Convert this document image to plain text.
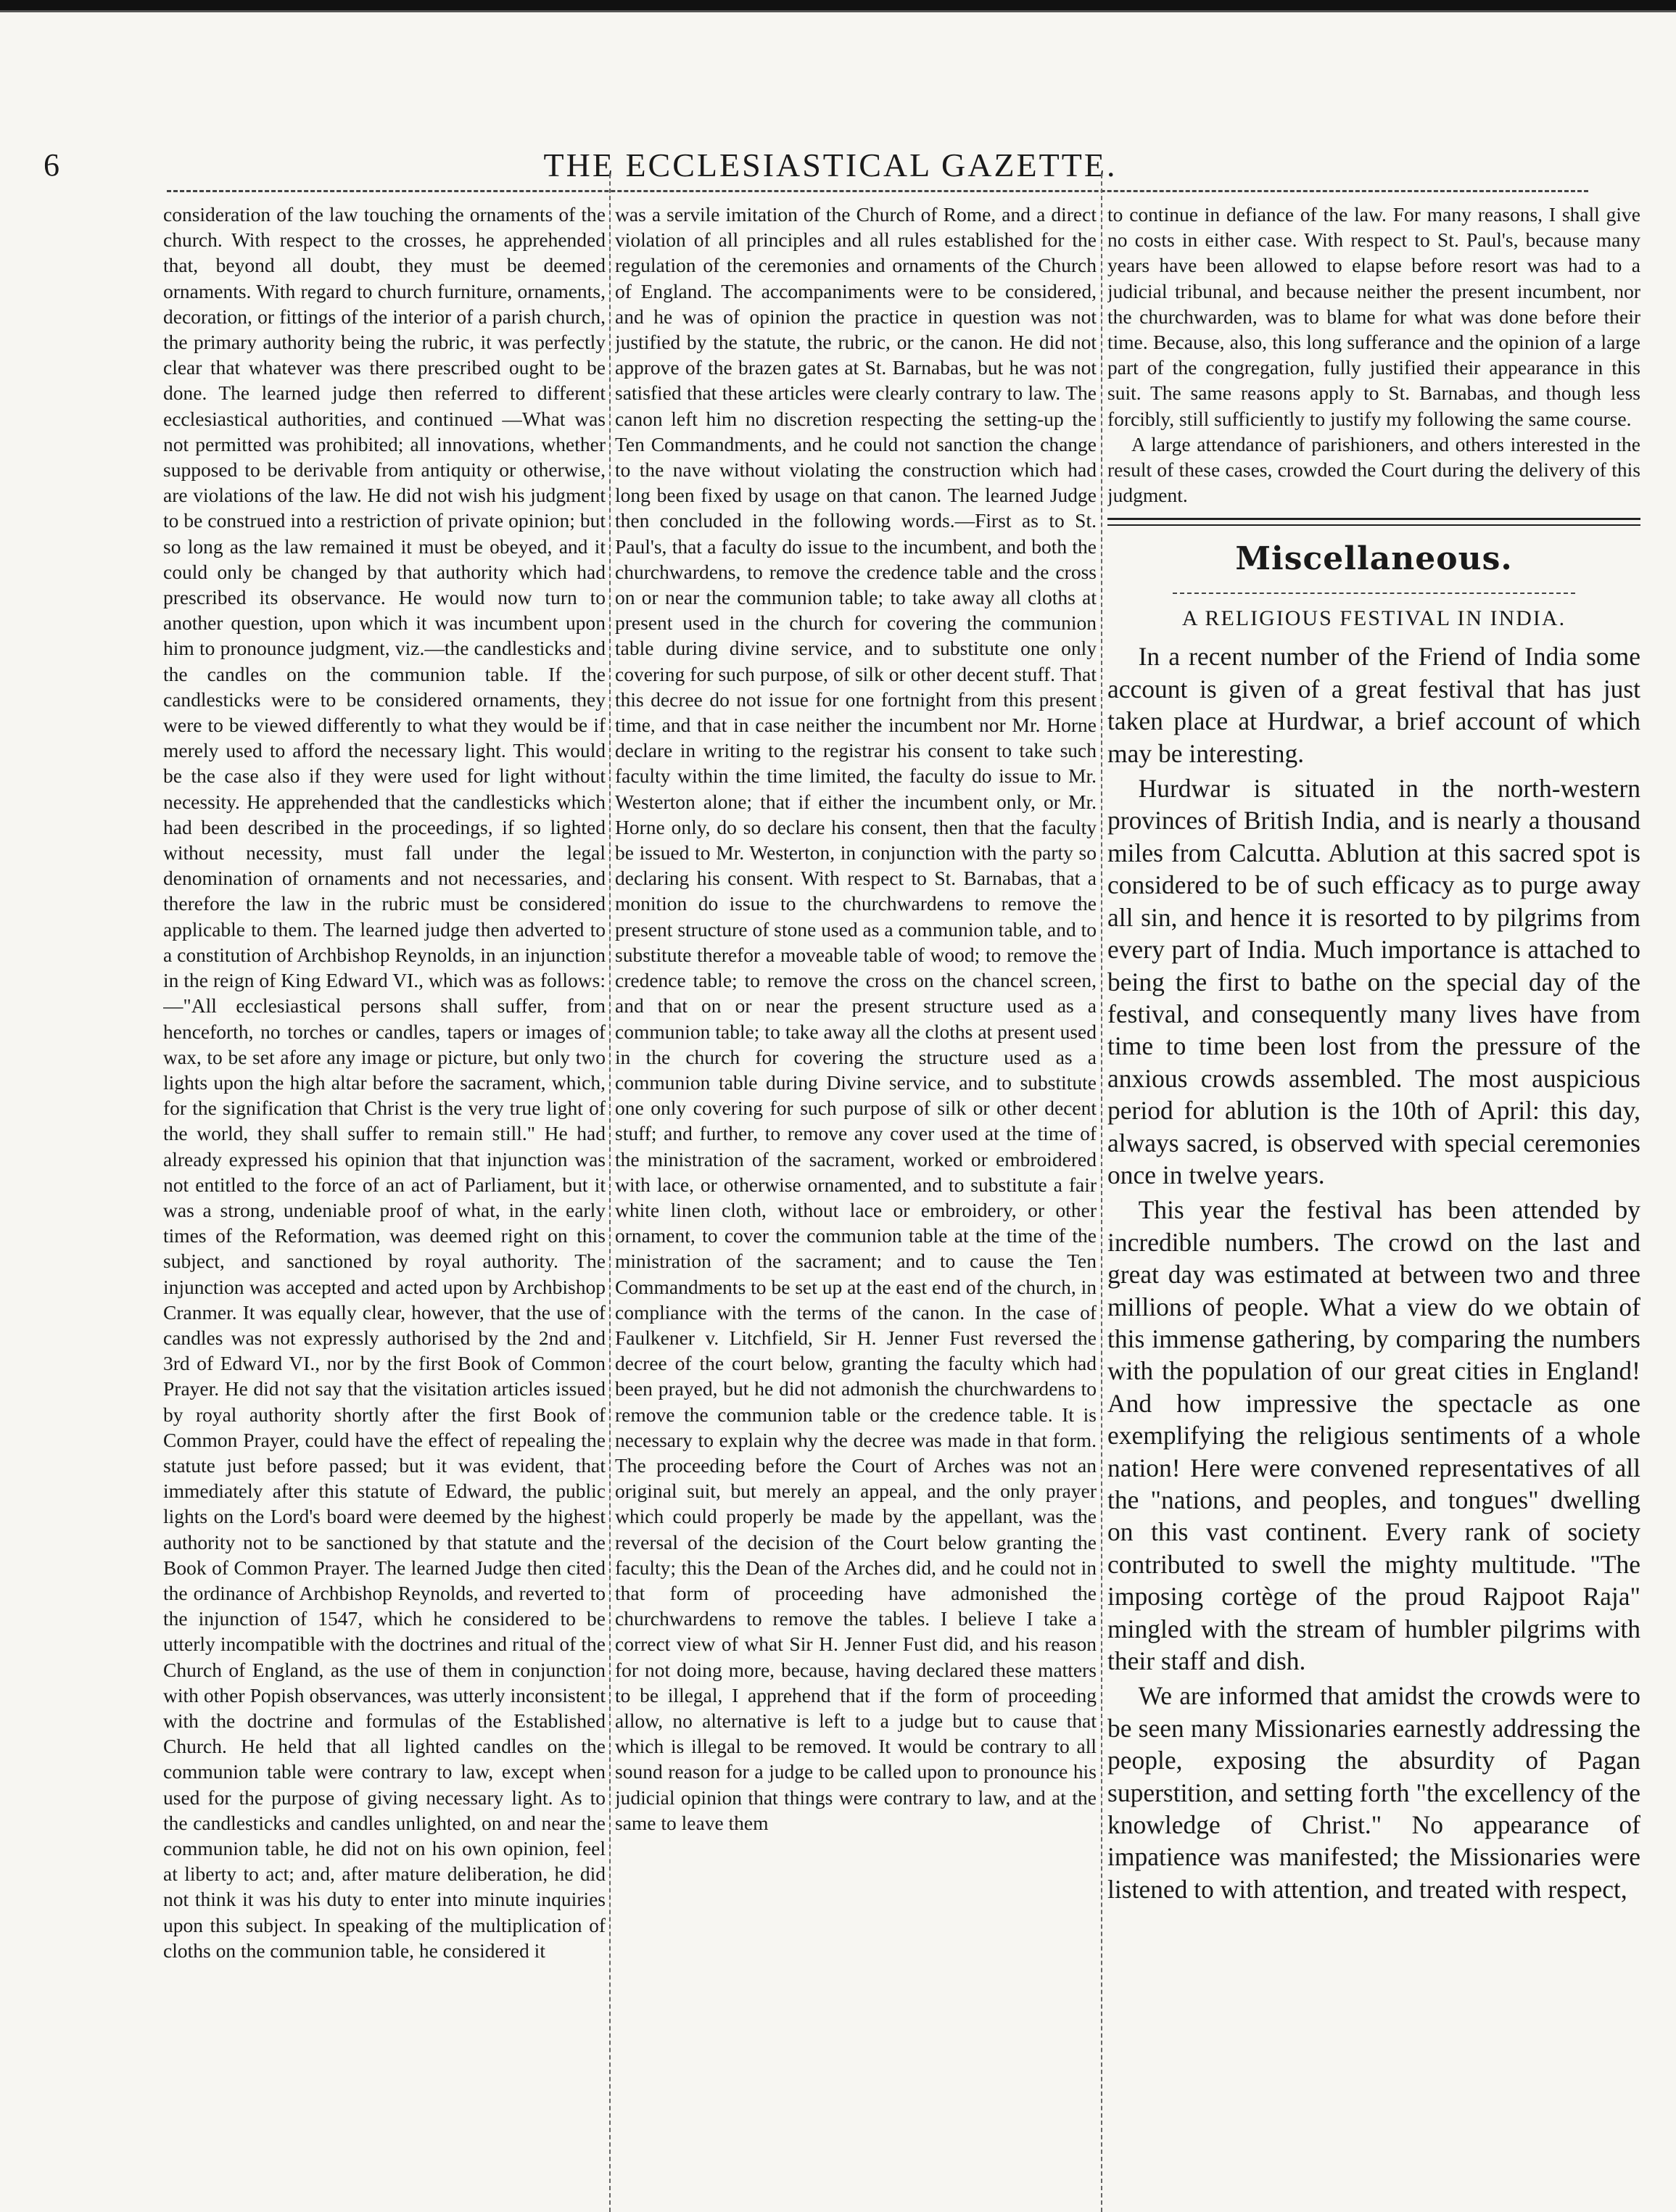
6	THE ECCLESIASTICAL GAZETTE.

consideration of the law touching the ornaments of the church. With respect to the crosses, he apprehended that, beyond all doubt, they must be deemed ornaments. With regard to church furniture, ornaments, decoration, or fittings of the interior of a parish church, the primary authority being the rubric, it was perfectly clear that whatever was there prescribed ought to be done. The learned judge then referred to different ecclesiastical authorities, and continued —What was not permitted was prohibited; all innovations, whether supposed to be derivable from antiquity or otherwise, are violations of the law. He did not wish his judgment to be construed into a restriction of private opinion; but so long as the law remained it must be obeyed, and it could only be changed by that authority which had prescribed its observance. He would now turn to another question, upon which it was incumbent upon him to pronounce judgment, viz.—the candlesticks and the candles on the communion table. If the candlesticks were to be considered ornaments, they were to be viewed differently to what they would be if merely used to afford the necessary light. This would be the case also if they were used for light without necessity. He apprehended that the candlesticks which had been described in the proceedings, if so lighted without necessity, must fall under the legal denomination of ornaments and not necessaries, and therefore the law in the rubric must be considered applicable to them. The learned judge then adverted to a constitution of Archbishop Reynolds, in an injunction in the reign of King Edward VI., which was as follows:—"All ecclesiastical persons shall suffer, from henceforth, no torches or candles, tapers or images of wax, to be set afore any image or picture, but only two lights upon the high altar before the sacrament, which, for the signification that Christ is the very true light of the world, they shall suffer to remain still." He had already expressed his opinion that that injunction was not entitled to the force of an act of Parliament, but it was a strong, undeniable proof of what, in the early times of the Reformation, was deemed right on this subject, and sanctioned by royal authority. The injunction was accepted and acted upon by Archbishop Cranmer. It was equally clear, however, that the use of candles was not expressly authorised by the 2nd and 3rd of Edward VI., nor by the first Book of Common Prayer. He did not say that the visitation articles issued by royal authority shortly after the first Book of Common Prayer, could have the effect of repealing the statute just before passed; but it was evident, that immediately after this statute of Edward, the public lights on the Lord's board were deemed by the highest authority not to be sanctioned by that statute and the Book of Common Prayer. The learned Judge then cited the ordinance of Archbishop Reynolds, and reverted to the injunction of 1547, which he considered to be utterly incompatible with the doctrines and ritual of the Church of England, as the use of them in conjunction with other Popish observances, was utterly inconsistent with the doctrine and formulas of the Established Church. He held that all lighted candles on the communion table were contrary to law, except when used for the purpose of giving necessary light. As to the candlesticks and candles unlighted, on and near the communion table, he did not on his own opinion, feel at liberty to act; and, after mature deliberation, he did not think it was his duty to enter into minute inquiries upon this subject. In speaking of the multiplication of cloths on the communion table, he considered it

was a servile imitation of the Church of Rome, and a direct violation of all principles and all rules established for the regulation of the ceremonies and ornaments of the Church of England. The accompaniments were to be considered, and he was of opinion the practice in question was not justified by the statute, the rubric, or the canon. He did not approve of the brazen gates at St. Barnabas, but he was not satisfied that these articles were clearly contrary to law. The canon left him no discretion respecting the setting-up the Ten Commandments, and he could not sanction the change to the nave without violating the construction which had long been fixed by usage on that canon. The learned Judge then concluded in the following words.—First as to St. Paul's, that a faculty do issue to the incumbent, and both the churchwardens, to remove the credence table and the cross on or near the communion table; to take away all cloths at present used in the church for covering the communion table during divine service, and to substitute one only covering for such purpose, of silk or other decent stuff. That this decree do not issue for one fortnight from this present time, and that in case neither the incumbent nor Mr. Horne declare in writing to the registrar his consent to take such faculty within the time limited, the faculty do issue to Mr. Westerton alone; that if either the incumbent only, or Mr. Horne only, do so declare his consent, then that the faculty be issued to Mr. Westerton, in conjunction with the party so declaring his consent. With respect to St. Barnabas, that a monition do issue to the churchwardens to remove the present structure of stone used as a communion table, and to substitute therefor a moveable table of wood; to remove the credence table; to remove the cross on the chancel screen, and that on or near the present structure used as a communion table; to take away all the cloths at present used in the church for covering the structure used as a communion table during Divine service, and to substitute one only covering for such purpose of silk or other decent stuff; and further, to remove any cover used at the time of the ministration of the sacrament, worked or embroidered with lace, or otherwise ornamented, and to substitute a fair white linen cloth, without lace or embroidery, or other ornament, to cover the communion table at the time of the ministration of the sacrament; and to cause the Ten Commandments to be set up at the east end of the church, in compliance with the terms of the canon. In the case of Faulkener v. Litchfield, Sir H. Jenner Fust reversed the decree of the court below, granting the faculty which had been prayed, but he did not admonish the churchwardens to remove the communion table or the credence table. It is necessary to explain why the decree was made in that form. The proceeding before the Court of Arches was not an original suit, but merely an appeal, and the only prayer which could properly be made by the appellant, was the reversal of the decision of the Court below granting the faculty; this the Dean of the Arches did, and he could not in that form of proceeding have admonished the churchwardens to remove the tables. I believe I take a correct view of what Sir H. Jenner Fust did, and his reason for not doing more, because, having declared these matters to be illegal, I apprehend that if the form of proceeding allow, no alternative is left to a judge but to cause that which is illegal to be removed. It would be contrary to all sound reason for a judge to be called upon to pronounce his judicial opinion that things were contrary to law, and at the same to leave them

to continue in defiance of the law. For many reasons, I shall give no costs in either case. With respect to St. Paul's, because many years have been allowed to elapse before resort was had to a judicial tribunal, and because neither the present incumbent, nor the churchwarden, was to blame for what was done before their time. Because, also, this long sufferance and the opinion of a large part of the congregation, fully justified their appearance in this suit. The same reasons apply to St. Barnabas, and though less forcibly, still sufficiently to justify my following the same course.

A large attendance of parishioners, and others interested in the result of these cases, crowded the Court during the delivery of this judgment.

Miscellaneous.
A RELIGIOUS FESTIVAL IN INDIA.

In a recent number of the Friend of India some account is given of a great festival that has just taken place at Hurdwar, a brief account of which may be interesting.

Hurdwar is situated in the north-western provinces of British India, and is nearly a thousand miles from Calcutta. Ablution at this sacred spot is considered to be of such efficacy as to purge away all sin, and hence it is resorted to by pilgrims from every part of India. Much importance is attached to being the first to bathe on the special day of the festival, and consequently many lives have from time to time been lost from the pressure of the anxious crowds assembled. The most auspicious period for ablution is the 10th of April: this day, always sacred, is observed with special ceremonies once in twelve years.

This year the festival has been attended by incredible numbers. The crowd on the last and great day was estimated at between two and three millions of people. What a view do we obtain of this immense gathering, by comparing the numbers with the population of our great cities in England! And how impressive the spectacle as one exemplifying the religious sentiments of a whole nation! Here were convened representatives of all the "nations, and peoples, and tongues" dwelling on this vast continent. Every rank of society contributed to swell the mighty multitude. "The imposing cortège of the proud Rajpoot Raja" mingled with the stream of humbler pilgrims with their staff and dish.

We are informed that amidst the crowds were to be seen many Missionaries earnestly addressing the people, exposing the absurdity of Pagan superstition, and setting forth "the excellency of the knowledge of Christ." No appearance of impatience was manifested; the Missionaries were listened to with attention, and treated with respect,
